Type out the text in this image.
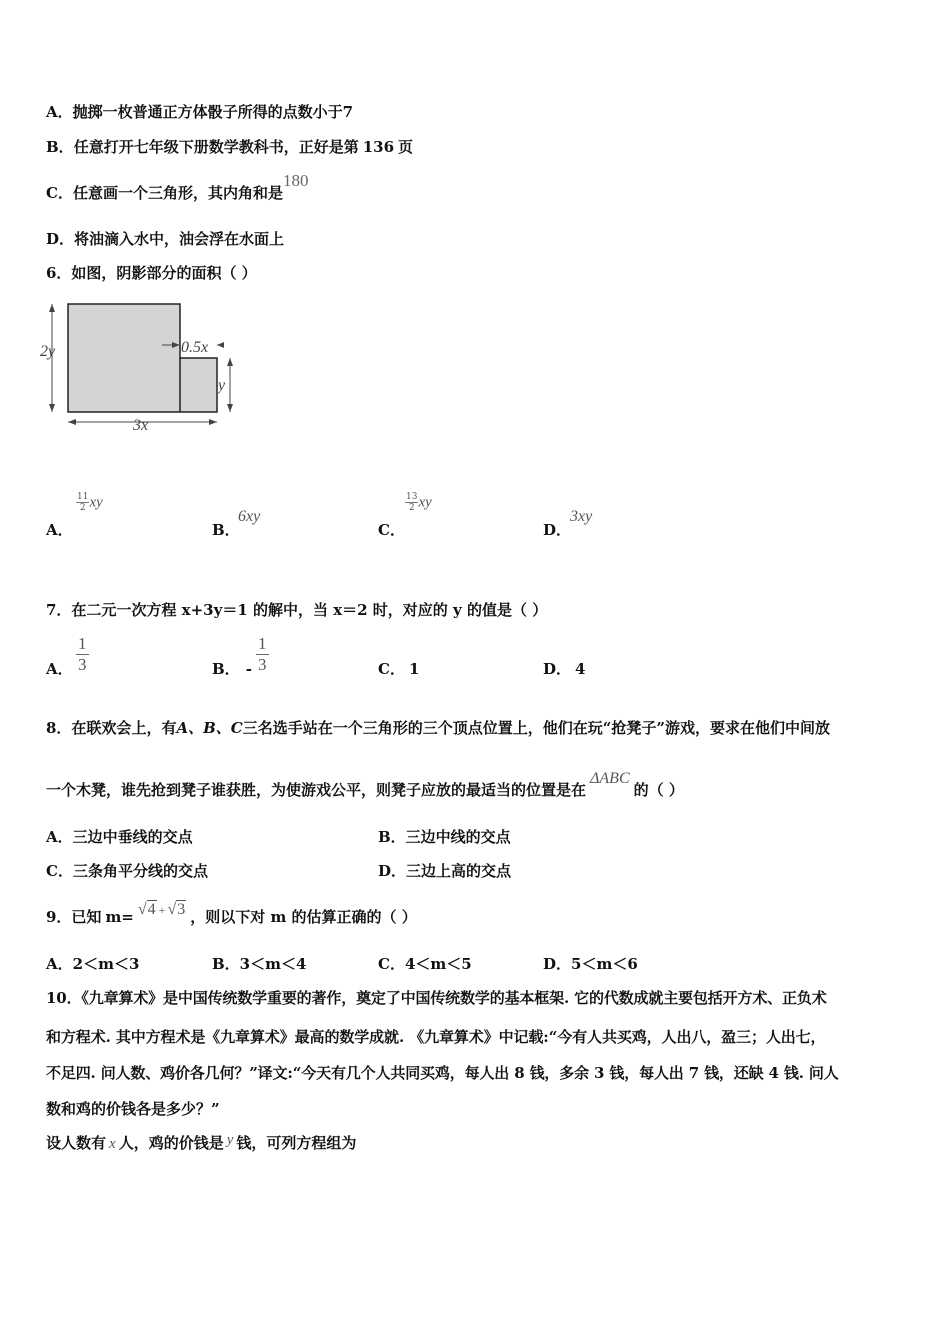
A．抛掷一枚普通正方体骰子所得的点数小于7
B．任意打开七年级下册数学教科书，正好是第 136 页
C．任意画一个三角形，其内角和是180
D．将油滴入水中，油会浮在水面上
6．如图，阴影部分的面积（ ）
2y	0.5x
y
3x
A．
$\frac{11}{2}$ xy
B．
6xy
C．
$\frac{13}{2}$ xy
D．
3xy
7．在二元一次方程 x+3y＝1 的解中，当 x＝2 时，对应的 y 的值是（ ）
A． $\frac{1}{3}$	B． - $\frac{1}{3}$	C． 1	D． 4
8．在联欢会上，有A、B、C三名选手站在一个三角形的三个顶点位置上，他们在玩“抢凳子”游戏，要求在他们中间放
一个木凳，谁先抢到凳子谁获胜，为使游戏公平，则凳子应放的最适当的位置是在ΔABC的（ ）
A．三边中垂线的交点	B．三边中线的交点
C．三条角平分线的交点	D．三边上高的交点
9．已知 m= √4 + √3 ，则以下对 m 的估算正确的（ ）
A．2＜m＜3	B．3＜m＜4	C．4＜m＜5	D．5＜m＜6
10．《九章算术》是中国传统数学重要的著作，奠定了中国传统数学的基本框架. 它的代数成就主要包括开方术、正负术
和方程术. 其中方程术是《九章算术》最高的数学成就. 《九章算术》中记载:“今有人共买鸡，人出八，盈三；人出七，
不足四. 问人数、鸡价各几何？”译文:“今天有几个人共同买鸡，每人出 8 钱，多余 3 钱，每人出 7 钱，还缺 4 钱. 问人
数和鸡的价钱各是多少？”
设人数有 x 人，鸡的价钱是 y 钱，可列方程组为
